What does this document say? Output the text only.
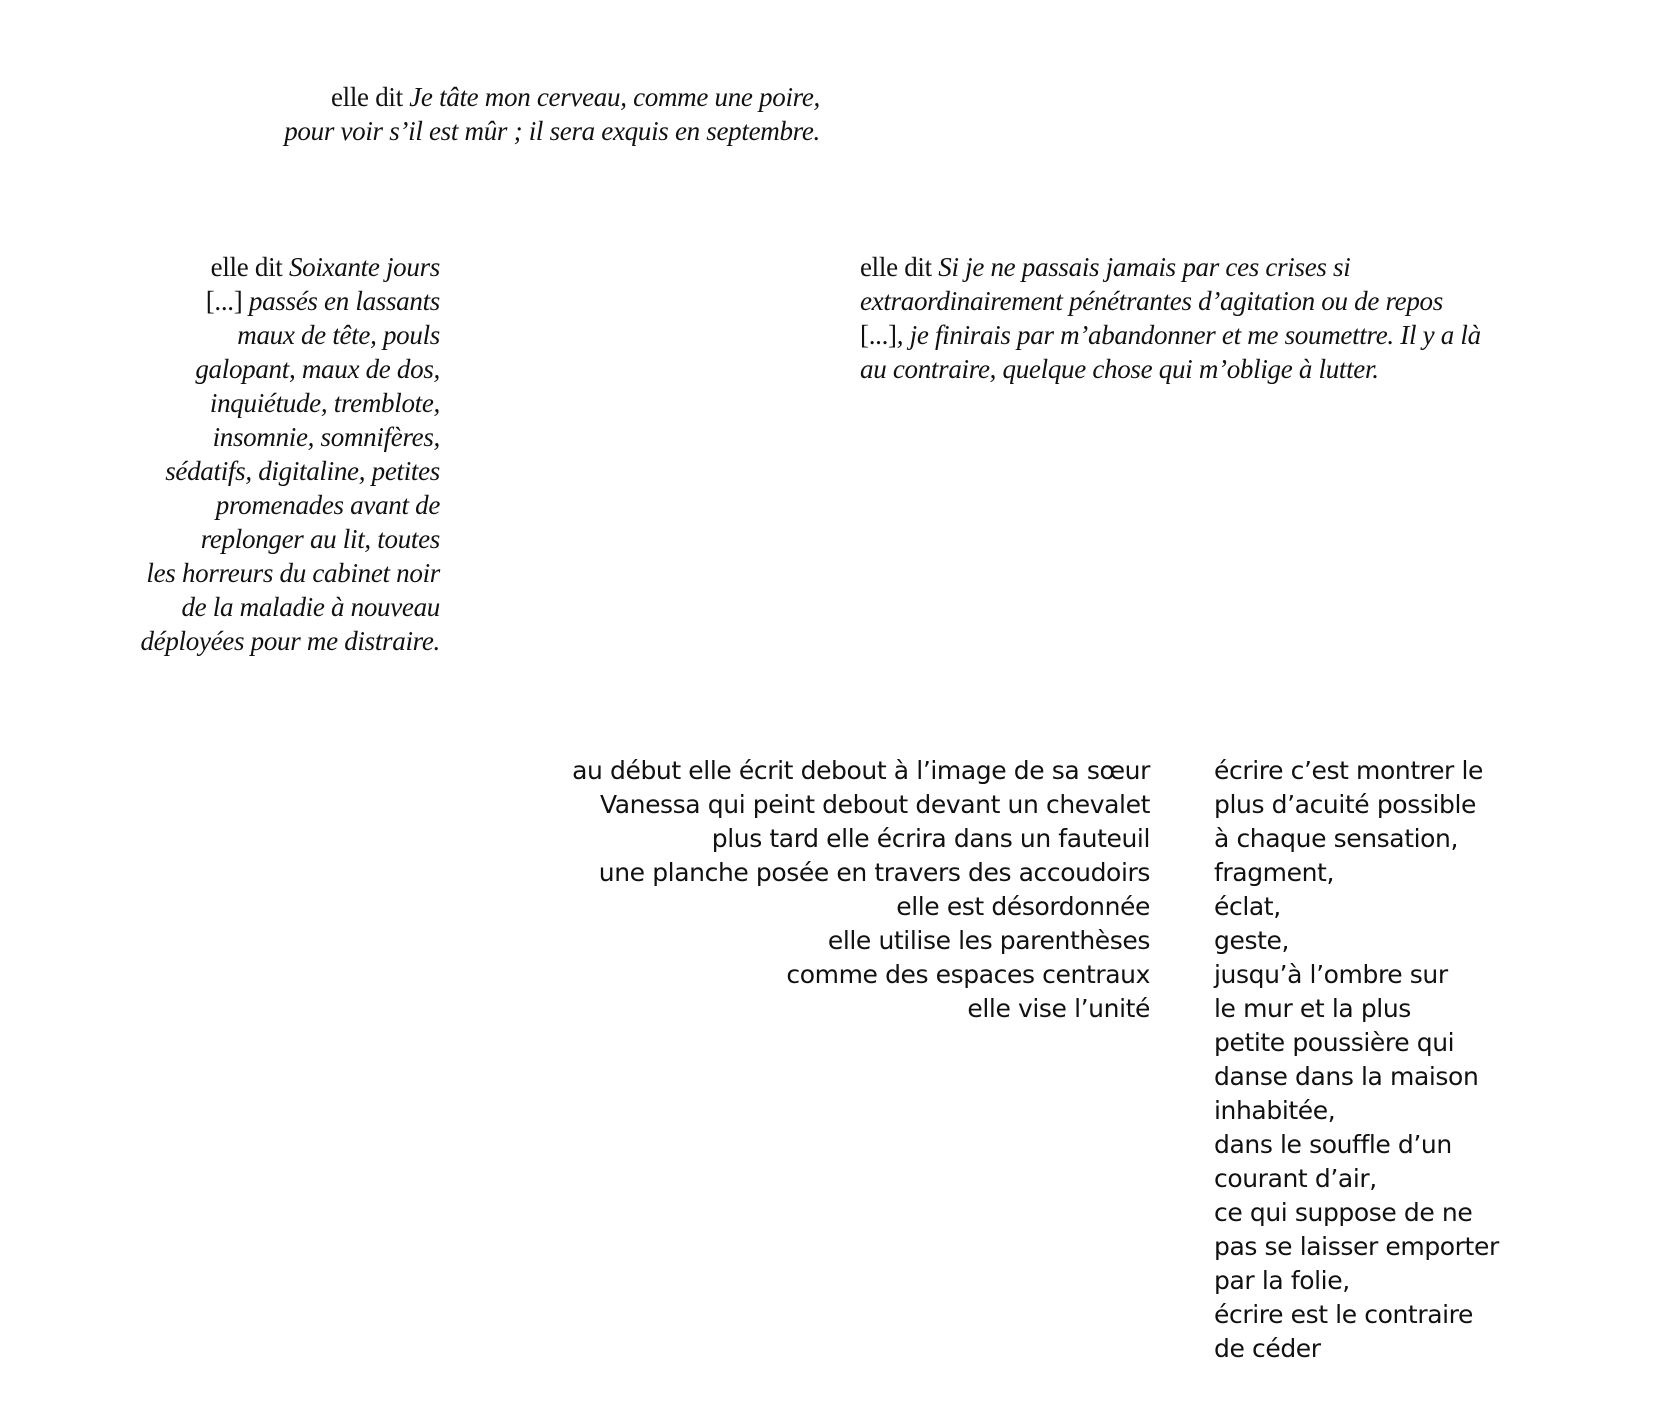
elle dit Je tâte mon cerveau, comme une poire,
pour voir s’il est mûr ; il sera exquis en septembre.
elle dit Soixante jours
[...] passés en lassants
maux de tête, pouls
galopant, maux de dos,
inquiétude, tremblote,
insomnie, somnifères,
sédatifs, digitaline, petites
promenades avant de
replonger au lit, toutes
les horreurs du cabinet noir
de la maladie à nouveau
déployées pour me distraire.
elle dit Si je ne passais jamais par ces crises si
extraordinairement pénétrantes d’agitation ou de repos
[...], je finirais par m’abandonner et me soumettre. Il y a là
au contraire, quelque chose qui m’oblige à lutter.
au début elle écrit debout à l’image de sa sœur
Vanessa qui peint debout devant un chevalet
plus tard elle écrira dans un fauteuil
une planche posée en travers des accoudoirs
elle est désordonnée
elle utilise les parenthèses
comme des espaces centraux
elle vise l’unité
écrire c’est montrer le
plus d’acuité possible
à chaque sensation,
fragment,
éclat,
geste,
jusqu’à l’ombre sur
le mur et la plus
petite poussière qui
danse dans la maison
inhabitée,
dans le souffle d’un
courant d’air,
ce qui suppose de ne
pas se laisser emporter
par la folie,
écrire est le contraire
de céder
